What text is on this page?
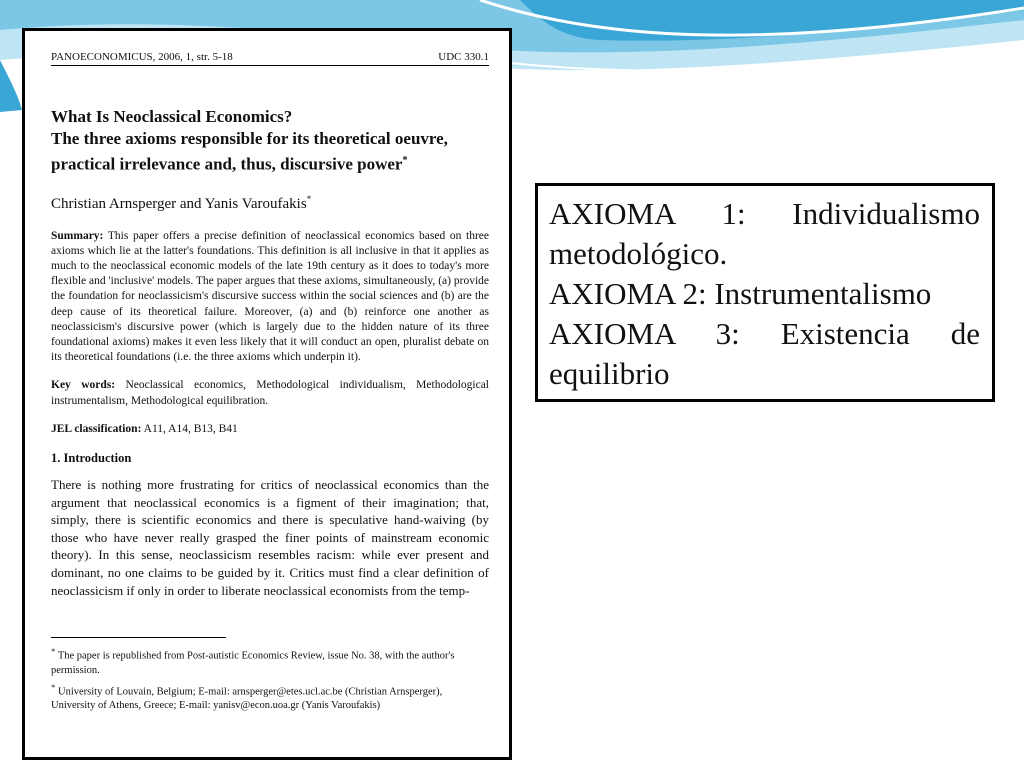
PANOECONOMICUS, 2006, 1, str. 5-18	UDC 330.1
What Is Neoclassical Economics?
The three axioms responsible for its theoretical oeuvre, practical irrelevance and, thus, discursive power*
Christian Arnsperger and Yanis Varoufakis*
Summary: This paper offers a precise definition of neoclassical economics based on three axioms which lie at the latter's foundations. This definition is all inclusive in that it applies as much to the neoclassical economic models of the late 19th century as it does to today's more flexible and 'inclusive' models. The paper argues that these axioms, simultaneously, (a) provide the foundation for neoclassicism's discursive success within the social sciences and (b) are the deep cause of its theoretical failure. Moreover, (a) and (b) reinforce one another as neoclassicism's discursive power (which is largely due to the hidden nature of its three foundational axioms) makes it even less likely that it will conduct an open, pluralist debate on its theoretical foundations (i.e. the three axioms which underpin it).
Key words: Neoclassical economics, Methodological individualism, Methodological instrumentalism, Methodological equilibration.
JEL classification: A11, A14, B13, B41
1. Introduction
There is nothing more frustrating for critics of neoclassical economics than the argument that neoclassical economics is a figment of their imagination; that, simply, there is scientific economics and there is speculative hand-waiving (by those who have never really grasped the finer points of mainstream economic theory). In this sense, neoclassicism resembles racism: while ever present and dominant, no one claims to be guided by it. Critics must find a clear definition of neoclassicism if only in order to liberate neoclassical economists from the temp-

* The paper is republished from Post-autistic Economics Review, issue No. 38, with the author's permission.

* University of Louvain, Belgium; E-mail: arnsperger@etes.ucl.ac.be (Christian Arnsperger), University of Athens, Greece; E-mail: yanisv@econ.uoa.gr (Yanis Varoufakis)

AXIOMA 1: Individualismo metodológico.

AXIOMA 2: Instrumentalismo

AXIOMA 3: Existencia de equilibrio
